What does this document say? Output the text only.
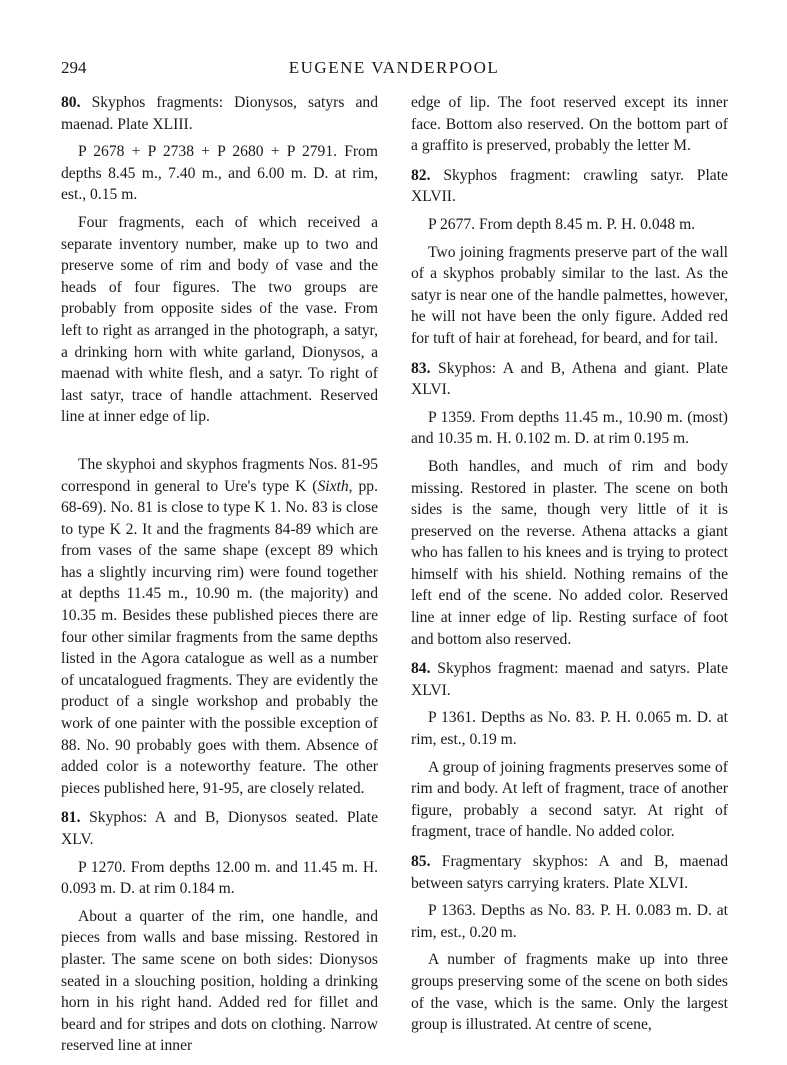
294	EUGENE VANDERPOOL

80. Skyphos fragments: Dionysos, satyrs and maenad. Plate XLIII.

P 2678 + P 2738 + P 2680 + P 2791. From depths 8.45 m., 7.40 m., and 6.00 m. D. at rim, est., 0.15 m.

Four fragments, each of which received a separate inventory number, make up to two and preserve some of rim and body of vase and the heads of four figures. The two groups are probably from opposite sides of the vase. From left to right as arranged in the photograph, a satyr, a drinking horn with white garland, Dionysos, a maenad with white flesh, and a satyr. To right of last satyr, trace of handle attachment. Reserved line at inner edge of lip.

The skyphoi and skyphos fragments Nos. 81-95 correspond in general to Ure's type K (Sixth, pp. 68-69). No. 81 is close to type K 1. No. 83 is close to type K 2. It and the fragments 84-89 which are from vases of the same shape (except 89 which has a slightly incurving rim) were found together at depths 11.45 m., 10.90 m. (the majority) and 10.35 m. Besides these published pieces there are four other similar fragments from the same depths listed in the Agora catalogue as well as a number of uncatalogued fragments. They are evidently the product of a single workshop and probably the work of one painter with the possible exception of 88. No. 90 probably goes with them. Absence of added color is a noteworthy feature. The other pieces published here, 91-95, are closely related.

81. Skyphos: A and B, Dionysos seated. Plate XLV.

P 1270. From depths 12.00 m. and 11.45 m. H. 0.093 m. D. at rim 0.184 m.

About a quarter of the rim, one handle, and pieces from walls and base missing. Restored in plaster. The same scene on both sides: Dionysos seated in a slouching position, holding a drinking horn in his right hand. Added red for fillet and beard and for stripes and dots on clothing. Narrow reserved line at inner

edge of lip. The foot reserved except its inner face. Bottom also reserved. On the bottom part of a graffito is preserved, probably the letter M.

82. Skyphos fragment: crawling satyr. Plate XLVII.

P 2677. From depth 8.45 m. P. H. 0.048 m.

Two joining fragments preserve part of the wall of a skyphos probably similar to the last. As the satyr is near one of the handle palmettes, however, he will not have been the only figure. Added red for tuft of hair at forehead, for beard, and for tail.

83. Skyphos: A and B, Athena and giant. Plate XLVI.

P 1359. From depths 11.45 m., 10.90 m. (most) and 10.35 m. H. 0.102 m. D. at rim 0.195 m.

Both handles, and much of rim and body missing. Restored in plaster. The scene on both sides is the same, though very little of it is preserved on the reverse. Athena attacks a giant who has fallen to his knees and is trying to protect himself with his shield. Nothing remains of the left end of the scene. No added color. Reserved line at inner edge of lip. Resting surface of foot and bottom also reserved.

84. Skyphos fragment: maenad and satyrs. Plate XLVI.

P 1361. Depths as No. 83. P. H. 0.065 m. D. at rim, est., 0.19 m.

A group of joining fragments preserves some of rim and body. At left of fragment, trace of another figure, probably a second satyr. At right of fragment, trace of handle. No added color.

85. Fragmentary skyphos: A and B, maenad between satyrs carrying kraters. Plate XLVI.

P 1363. Depths as No. 83. P. H. 0.083 m. D. at rim, est., 0.20 m.

A number of fragments make up into three groups preserving some of the scene on both sides of the vase, which is the same. Only the largest group is illustrated. At centre of scene,
